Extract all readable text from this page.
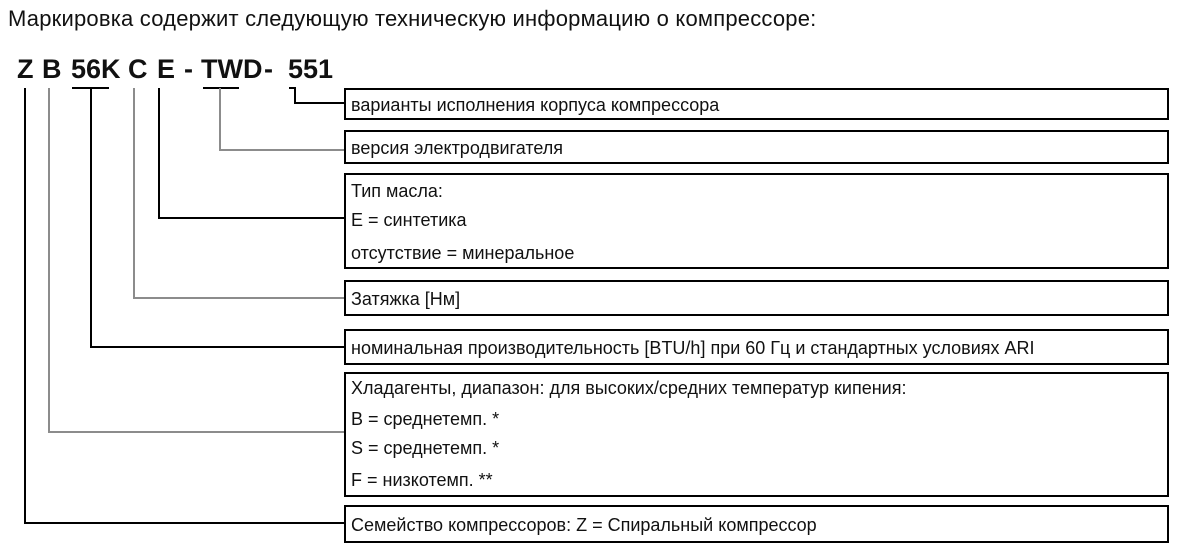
Маркировка содержит следующую техническую информацию о компрессоре:
Z B 56K C E - TWD - 551
варианты исполнения корпуса компрессора
версия электродвигателя
Тип масла:
E = синтетика
отсутствие = минеральное
Затяжка [Нм]
номинальная производительность [BTU/h] при 60 Гц и стандартных условиях ARI
Хладагенты, диапазон: для высоких/средних температур кипения:
B = среднетемп. *
S = среднетемп. *
F = низкотемп. **
Семейство компрессоров: Z = Спиральный компрессор
